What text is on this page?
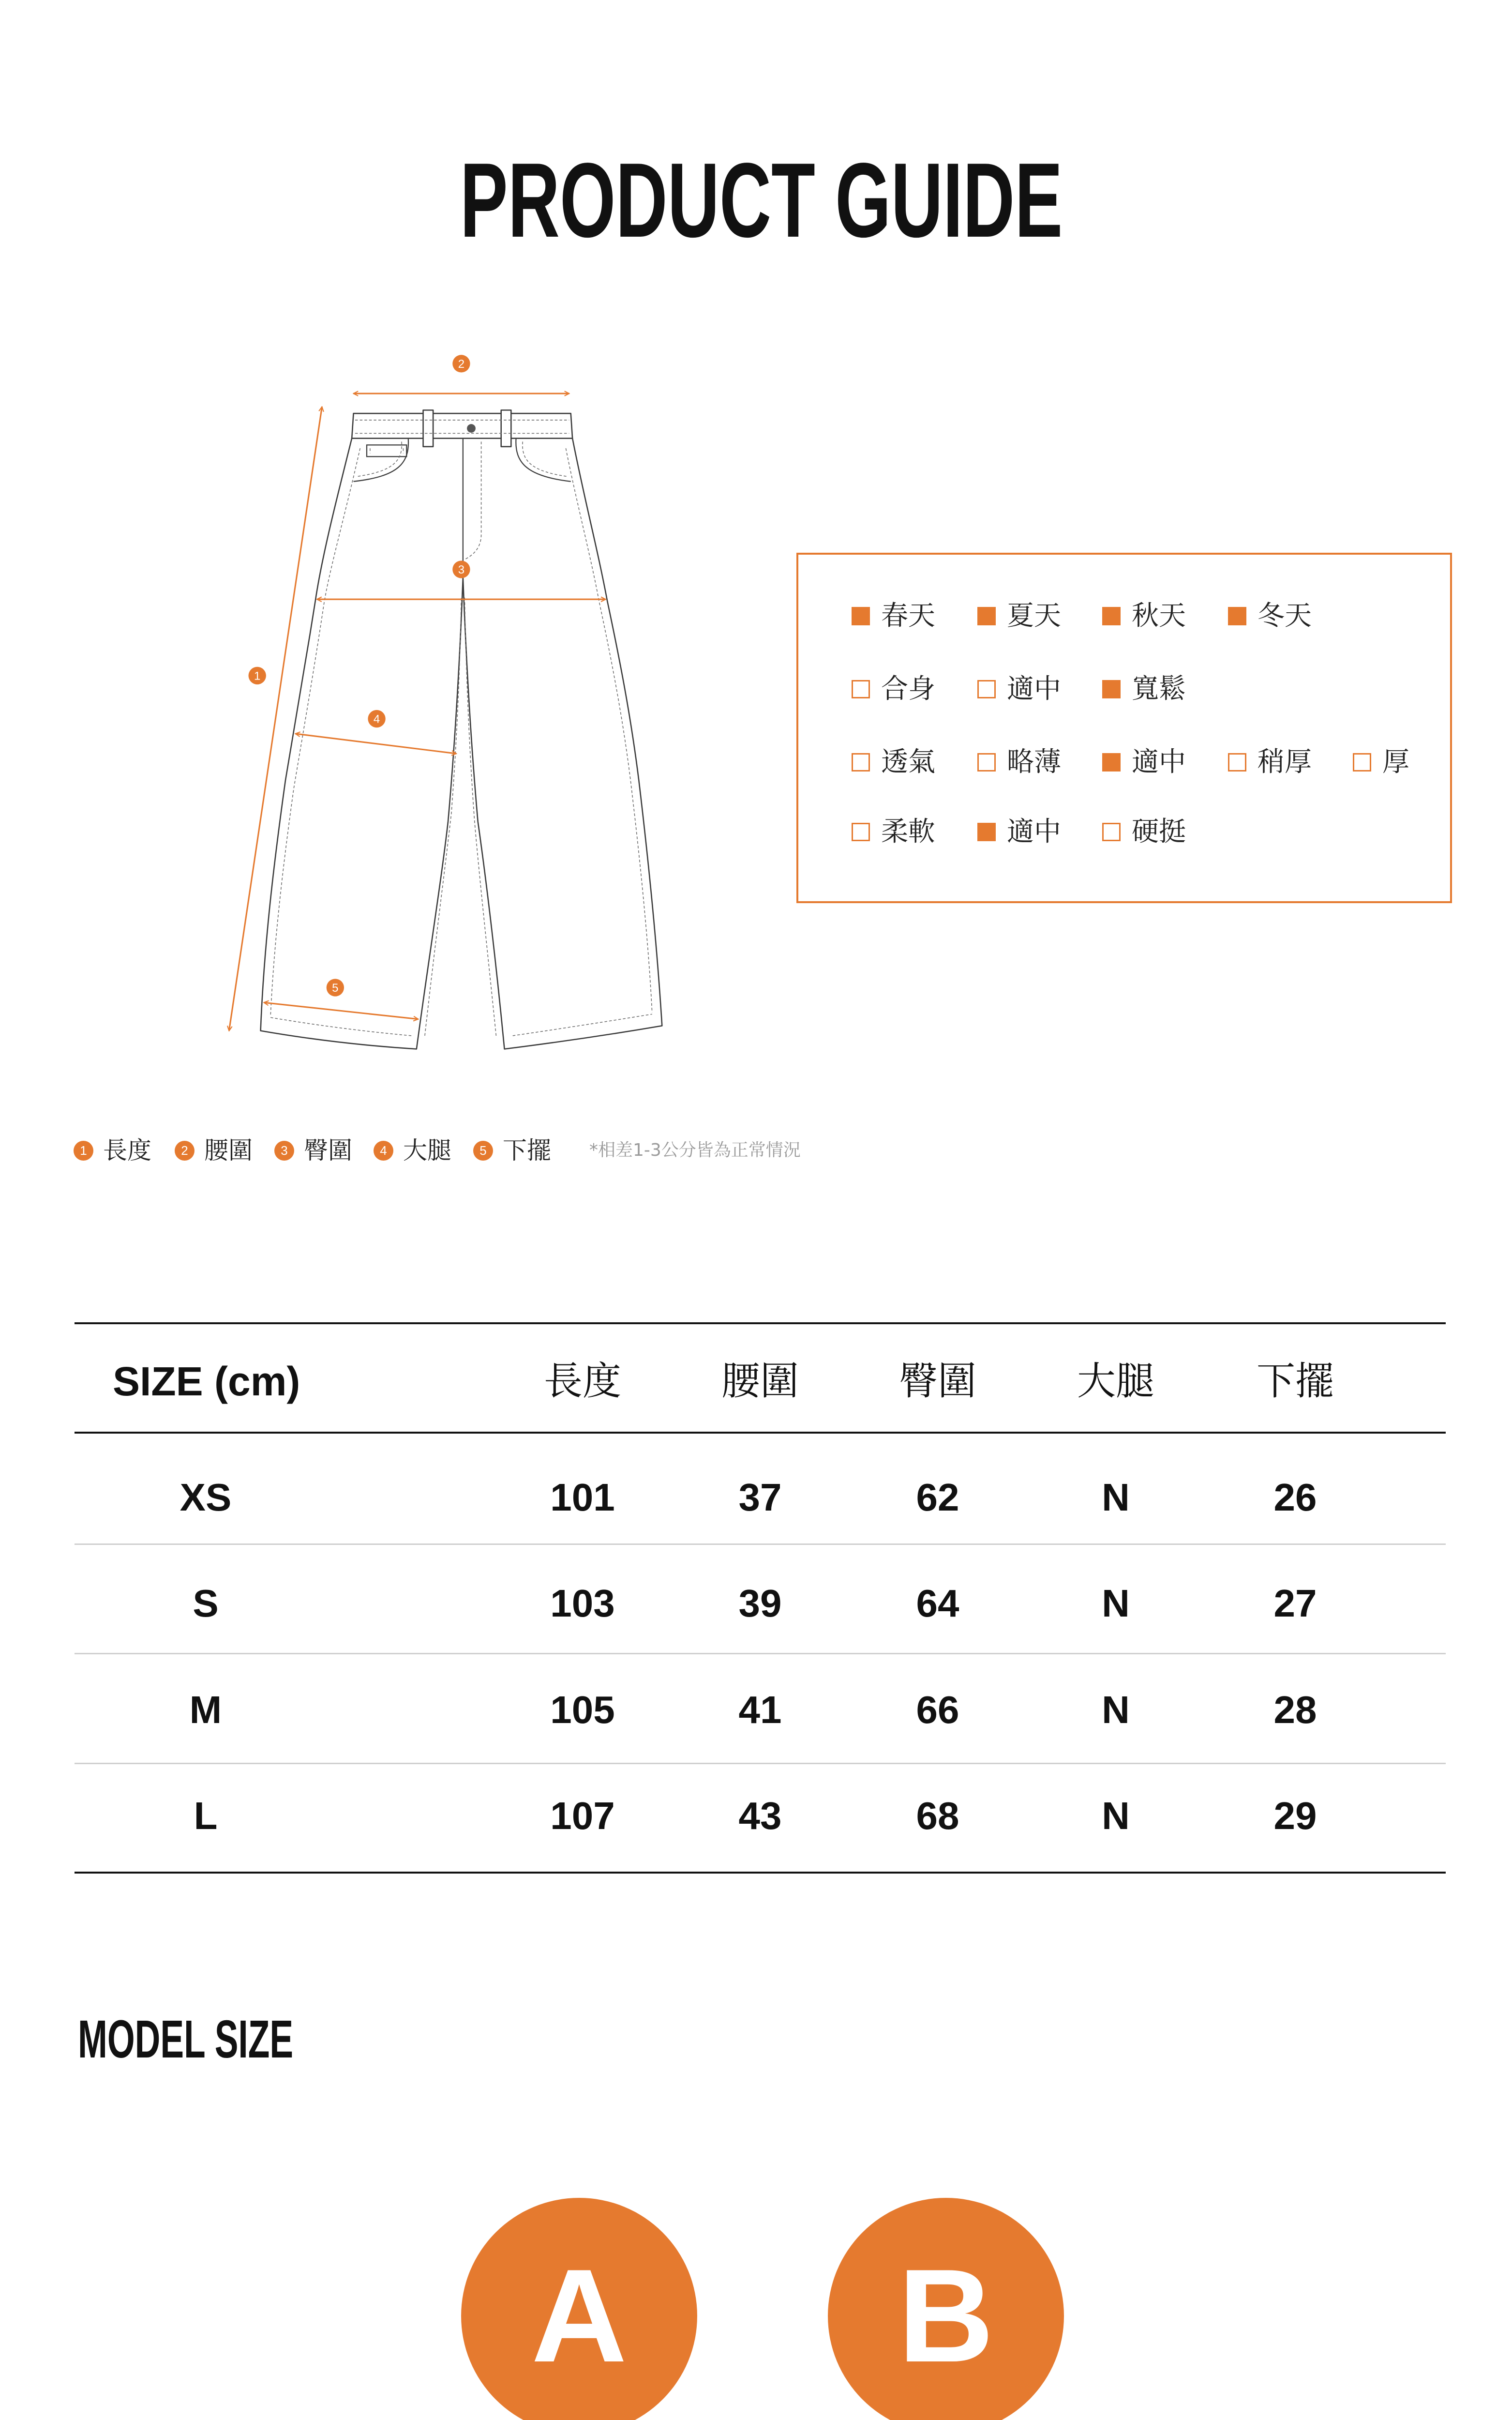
PRODUCT GUIDE
1
2
3
4
5
春天	夏天	秋天	冬天
合身	適中	寬鬆
透氣	略薄	適中	稍厚	厚
柔軟	適中	硬挺
1 長度	2 腰圍	3 臀圍	4 大腿	5 下擺 *相差1-3公分皆為正常情況
SIZE (cm)	長度	腰圍	臀圍	大腿	下擺
XS	101	37	62	N	26
S	103	39	64	N	27
M	105	41	66	N	28
L	107	43	68	N	29
MODEL SIZE
A	B
